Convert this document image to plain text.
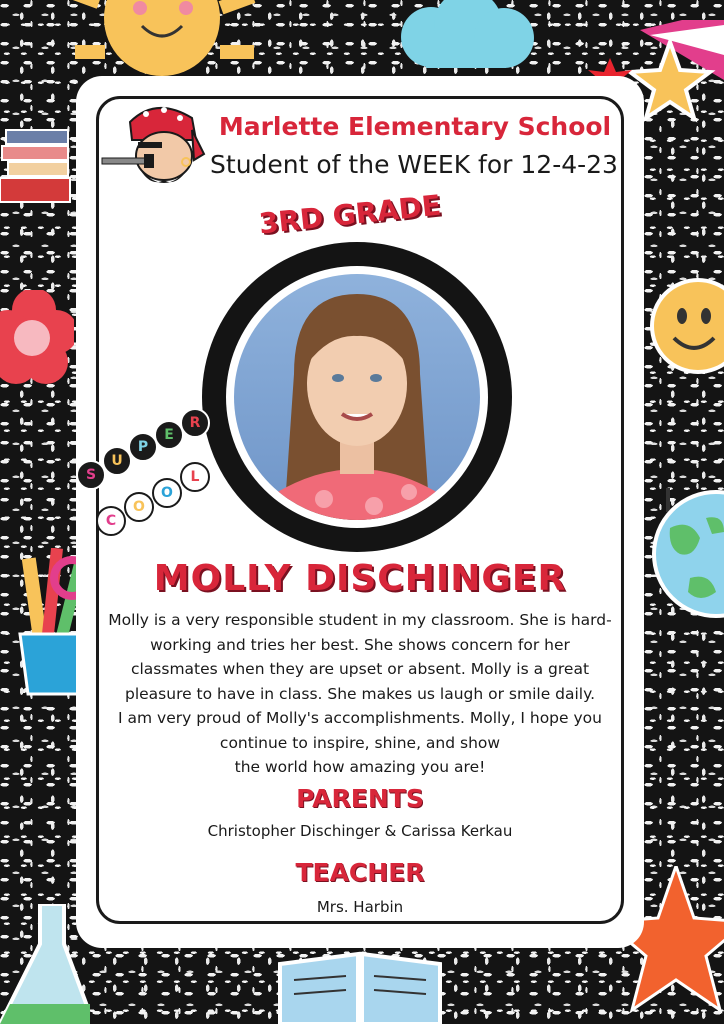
Marlette Elementary School
Student of the WEEK for 12-4-23
3RD GRADE
MOLLY DISCHINGER
Molly is a very responsible student in my classroom. She is hard-
working and tries her best. She shows concern for her
classmates when they are upset or absent. Molly is a great
pleasure to have in class. She makes us laugh or smile daily.
I am very proud of Molly's accomplishments. Molly, I hope you
continue to inspire, shine, and show
the world how amazing you are!
PARENTS
Christopher Dischinger & Carissa Kerkau
TEACHER
Mrs. Harbin
S
U
P
E
R
C
O
O
L
